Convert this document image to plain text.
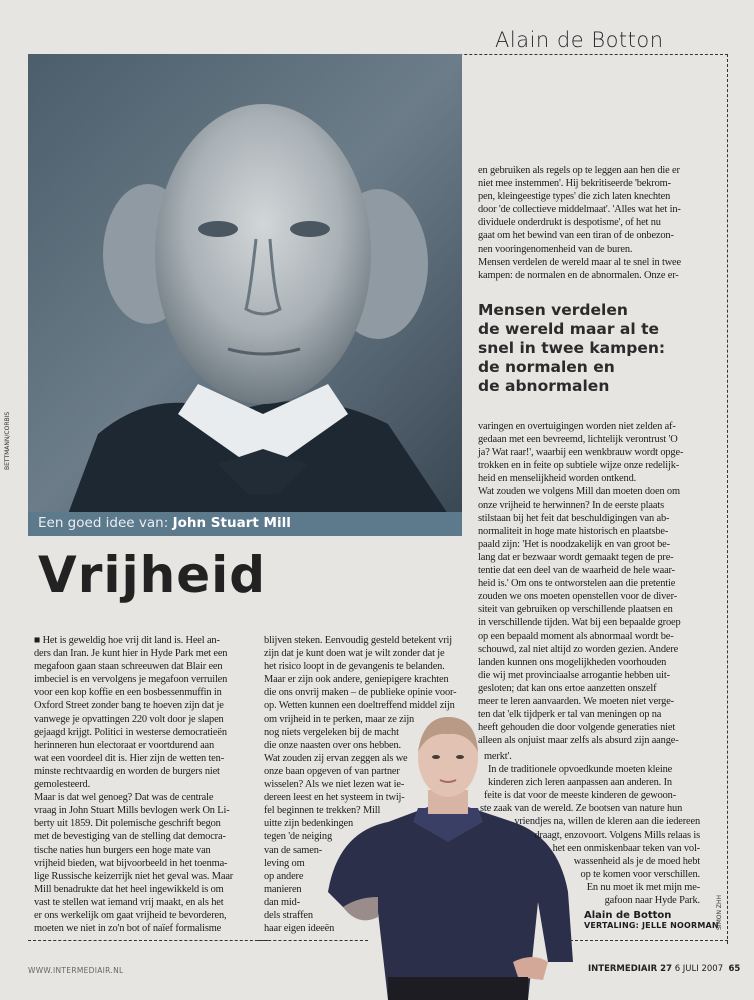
Alain de Botton
BETTMANN/CORBIS
Een goed idee van: John Stuart Mill
Vrijheid
■ Het is geweldig hoe vrij dit land is. Heel an-
ders dan Iran. Je kunt hier in Hyde Park met een
megafoon gaan staan schreeuwen dat Blair een
imbeciel is en vervolgens je megafoon verruilen
voor een kop koffie en een bosbessenmuffin in
Oxford Street zonder bang te hoeven zijn dat je
vanwege je opvattingen 220 volt door je slapen
gejaagd krijgt. Politici in westerse democratieën
herinneren hun electoraat er voortdurend aan
wat een voordeel dit is. Hier zijn de wetten ten-
minste rechtvaardig en worden de burgers niet
gemolesteerd.
Maar is dat wel genoeg? Dat was de centrale
vraag in John Stuart Mills bevlogen werk On Li-
berty uit 1859. Dit polemische geschrift begon
met de bevestiging van de stelling dat democra-
tische naties hun burgers een hoge mate van
vrijheid bieden, wat bijvoorbeeld in het toenma-
lige Russische keizerrijk niet het geval was. Maar
Mill benadrukte dat het heel ingewikkeld is om
vast te stellen wat iemand vrij maakt, en als het
er ons werkelijk om gaat vrijheid te bevorderen,
moeten we niet in zo'n bot of naïef formalisme
blijven steken. Eenvoudig gesteld betekent vrij
zijn dat je kunt doen wat je wilt zonder dat je
het risico loopt in de gevangenis te belanden.
Maar er zijn ook andere, geniepigere krachten
die ons onvrij maken – de publieke opinie voor-
op. Wetten kunnen een doeltreffend middel zijn
om vrijheid in te perken, maar ze zijn
nog niets vergeleken bij de macht
die onze naasten over ons hebben.
Wat zouden zij ervan zeggen als we
onze baan opgeven of van partner
wisselen? Als we niet lezen wat ie-
dereen leest en het systeem in twij-
fel beginnen te trekken? Mill
uitte zijn bedenkingen
tegen 'de neiging
van de samen-
leving om
op andere
manieren
dan mid-
dels straffen
haar eigen ideeën
en gebruiken als regels op te leggen aan hen die er
niet mee instemmen'. Hij bekritiseerde 'bekrom-
pen, kleingeestige types' die zich laten knechten
door 'de collectieve middelmaat'. 'Alles wat het in-
dividuele onderdrukt is despotisme', of het nu
gaat om het bewind van een tiran of de onbezon-
nen vooringenomenheid van de buren.
Mensen verdelen de wereld maar al te snel in twee
kampen: de normalen en de abnormalen. Onze er-
Mensen verdelen
de wereld maar al te
snel in twee kampen:
de normalen en
de abnormalen
varingen en overtuigingen worden niet zelden af-
gedaan met een bevreemd, lichtelijk verontrust 'O
ja? Wat raar!', waarbij een wenkbrauw wordt opge-
trokken en in feite op subtiele wijze onze redelijk-
heid en menselijkheid worden ontkend.
Wat zouden we volgens Mill dan moeten doen om
onze vrijheid te herwinnen? In de eerste plaats
stilstaan bij het feit dat beschuldigingen van ab-
normaliteit in hoge mate historisch en plaatsbe-
paald zijn: 'Het is noodzakelijk en van groot be-
lang dat er bezwaar wordt gemaakt tegen de pre-
tentie dat een deel van de waarheid de hele waar-
heid is.' Om ons te ontworstelen aan die pretentie
zouden we ons moeten openstellen voor de diver-
siteit van gebruiken op verschillende plaatsen en
in verschillende tijden. Wat bij een bepaalde groep
op een bepaald moment als abnormaal wordt be-
schouwd, zal niet altijd zo worden gezien. Andere
landen kunnen ons mogelijkheden voorhouden
die wij met provinciaalse arrogantie hebben uit-
gesloten; dat kan ons ertoe aanzetten onszelf
meer te leren aanvaarden. We moeten niet verge-
ten dat 'elk tijdperk er tal van meningen op na
heeft gehouden die door volgende generaties niet
alleen als onjuist maar zelfs als absurd zijn aange-
merkt'.
In de traditionele opvoedkunde moeten kleine
kinderen zich leren aanpassen aan anderen. In
feite is dat voor de meeste kinderen de gewoon-
ste zaak van de wereld. Ze bootsen van nature hun
vriendjes na, willen de kleren aan die iedereen
draagt, enzovoort. Volgens Mills relaas is
het een onmiskenbaar teken van vol-
wassenheid als je de moed hebt
op te komen voor verschillen.
En nu moet ik met mijn me-
gafoon naar Hyde Park.
Alain de Botton
VERTALING: JELLE NOORMAN
SIMON ZHH
WWW.INTERMEDIAIR.NL	INTERMEDIAIR 27 6 JULI 2007 65
